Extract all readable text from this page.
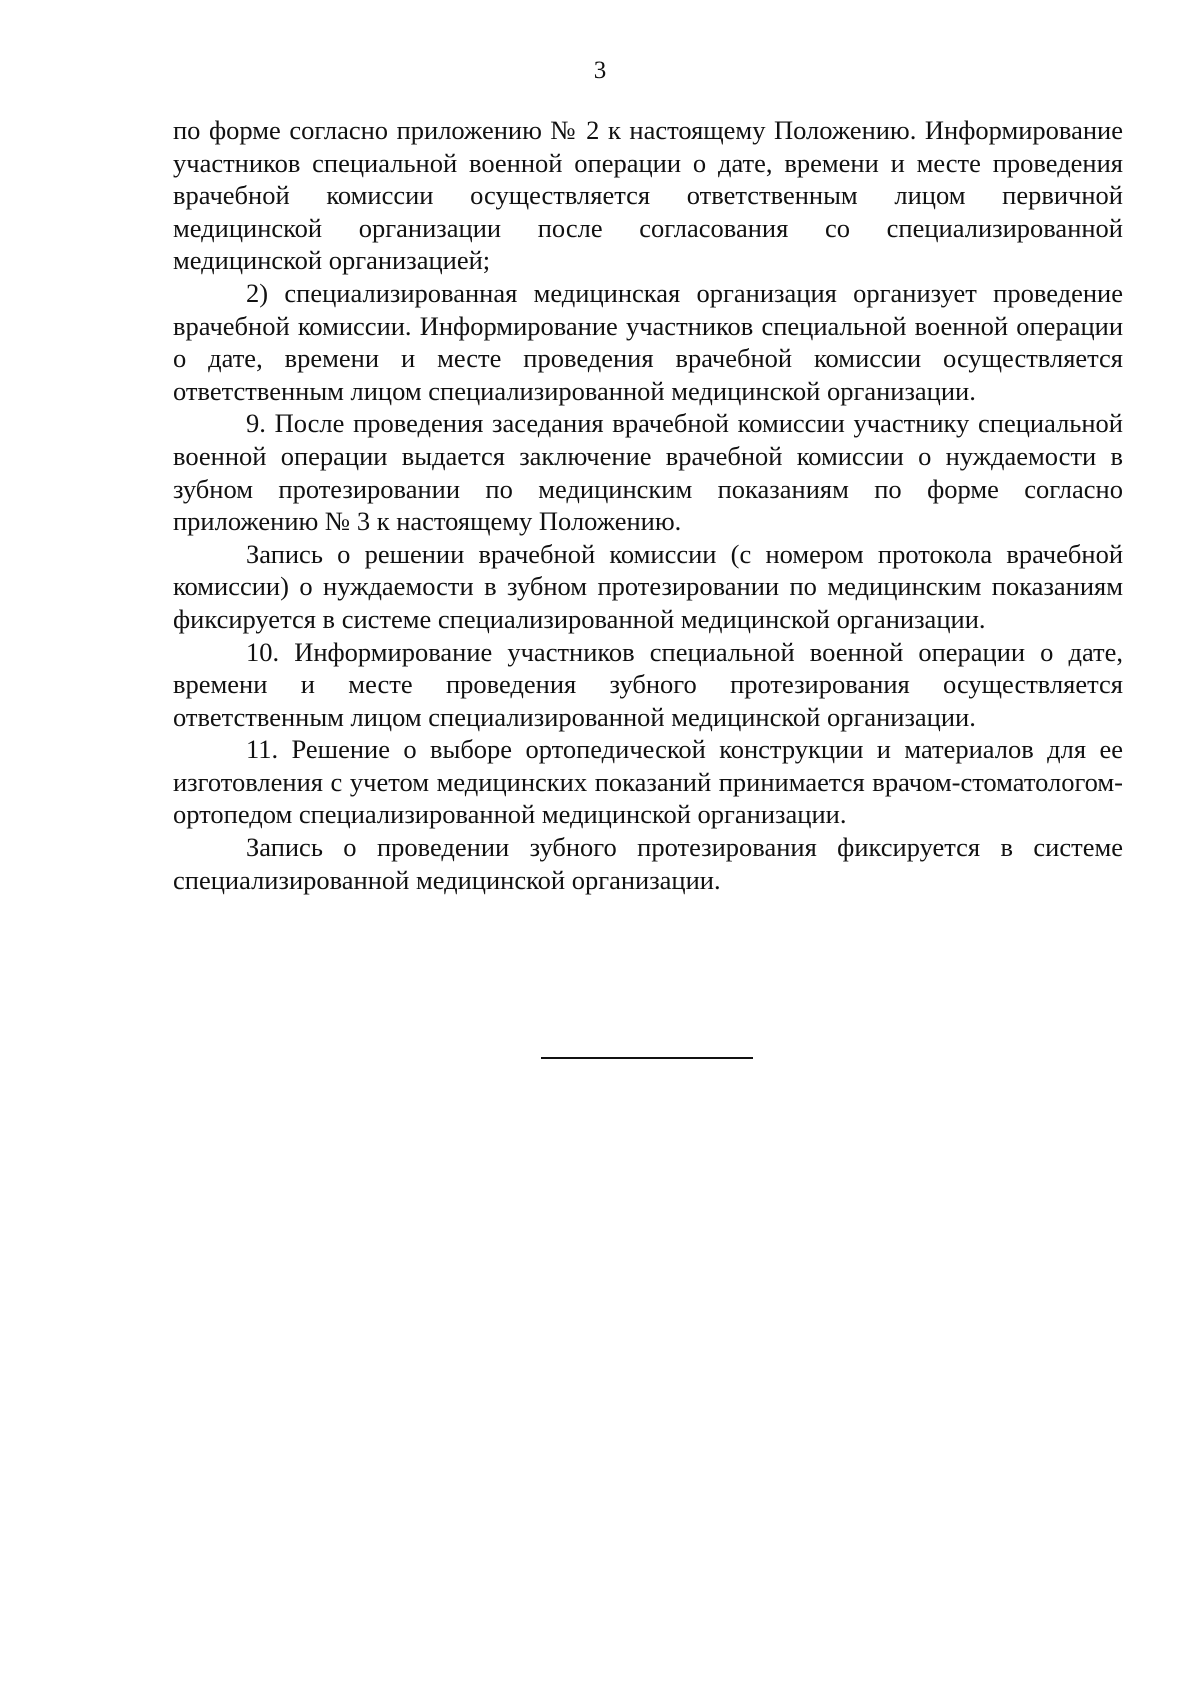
3

по форме согласно приложению № 2 к настоящему Положению. Информирование участников специальной военной операции о дате, времени и месте проведения врачебной комиссии осуществляется ответственным лицом первичной медицинской организации после согласования со специализированной медицинской организацией;

2) специализированная медицинская организация организует проведение врачебной комиссии. Информирование участников специальной военной операции о дате, времени и месте проведения врачебной комиссии осуществляется ответственным лицом специализированной медицинской организации.

9. После проведения заседания врачебной комиссии участнику специальной военной операции выдается заключение врачебной комиссии о нуждаемости в зубном протезировании по медицинским показаниям по форме согласно приложению № 3 к настоящему Положению.

Запись о решении врачебной комиссии (с номером протокола врачебной комиссии) о нуждаемости в зубном протезировании по медицинским показаниям фиксируется в системе специализированной медицинской организации.

10. Информирование участников специальной военной операции о дате, времени и месте проведения зубного протезирования осуществляется ответственным лицом специализированной медицинской организации.

11. Решение о выборе ортопедической конструкции и материалов для ее изготовления с учетом медицинских показаний принимается врачом-стоматологом-ортопедом специализированной медицинской организации.

Запись о проведении зубного протезирования фиксируется в системе специализированной медицинской организации.
